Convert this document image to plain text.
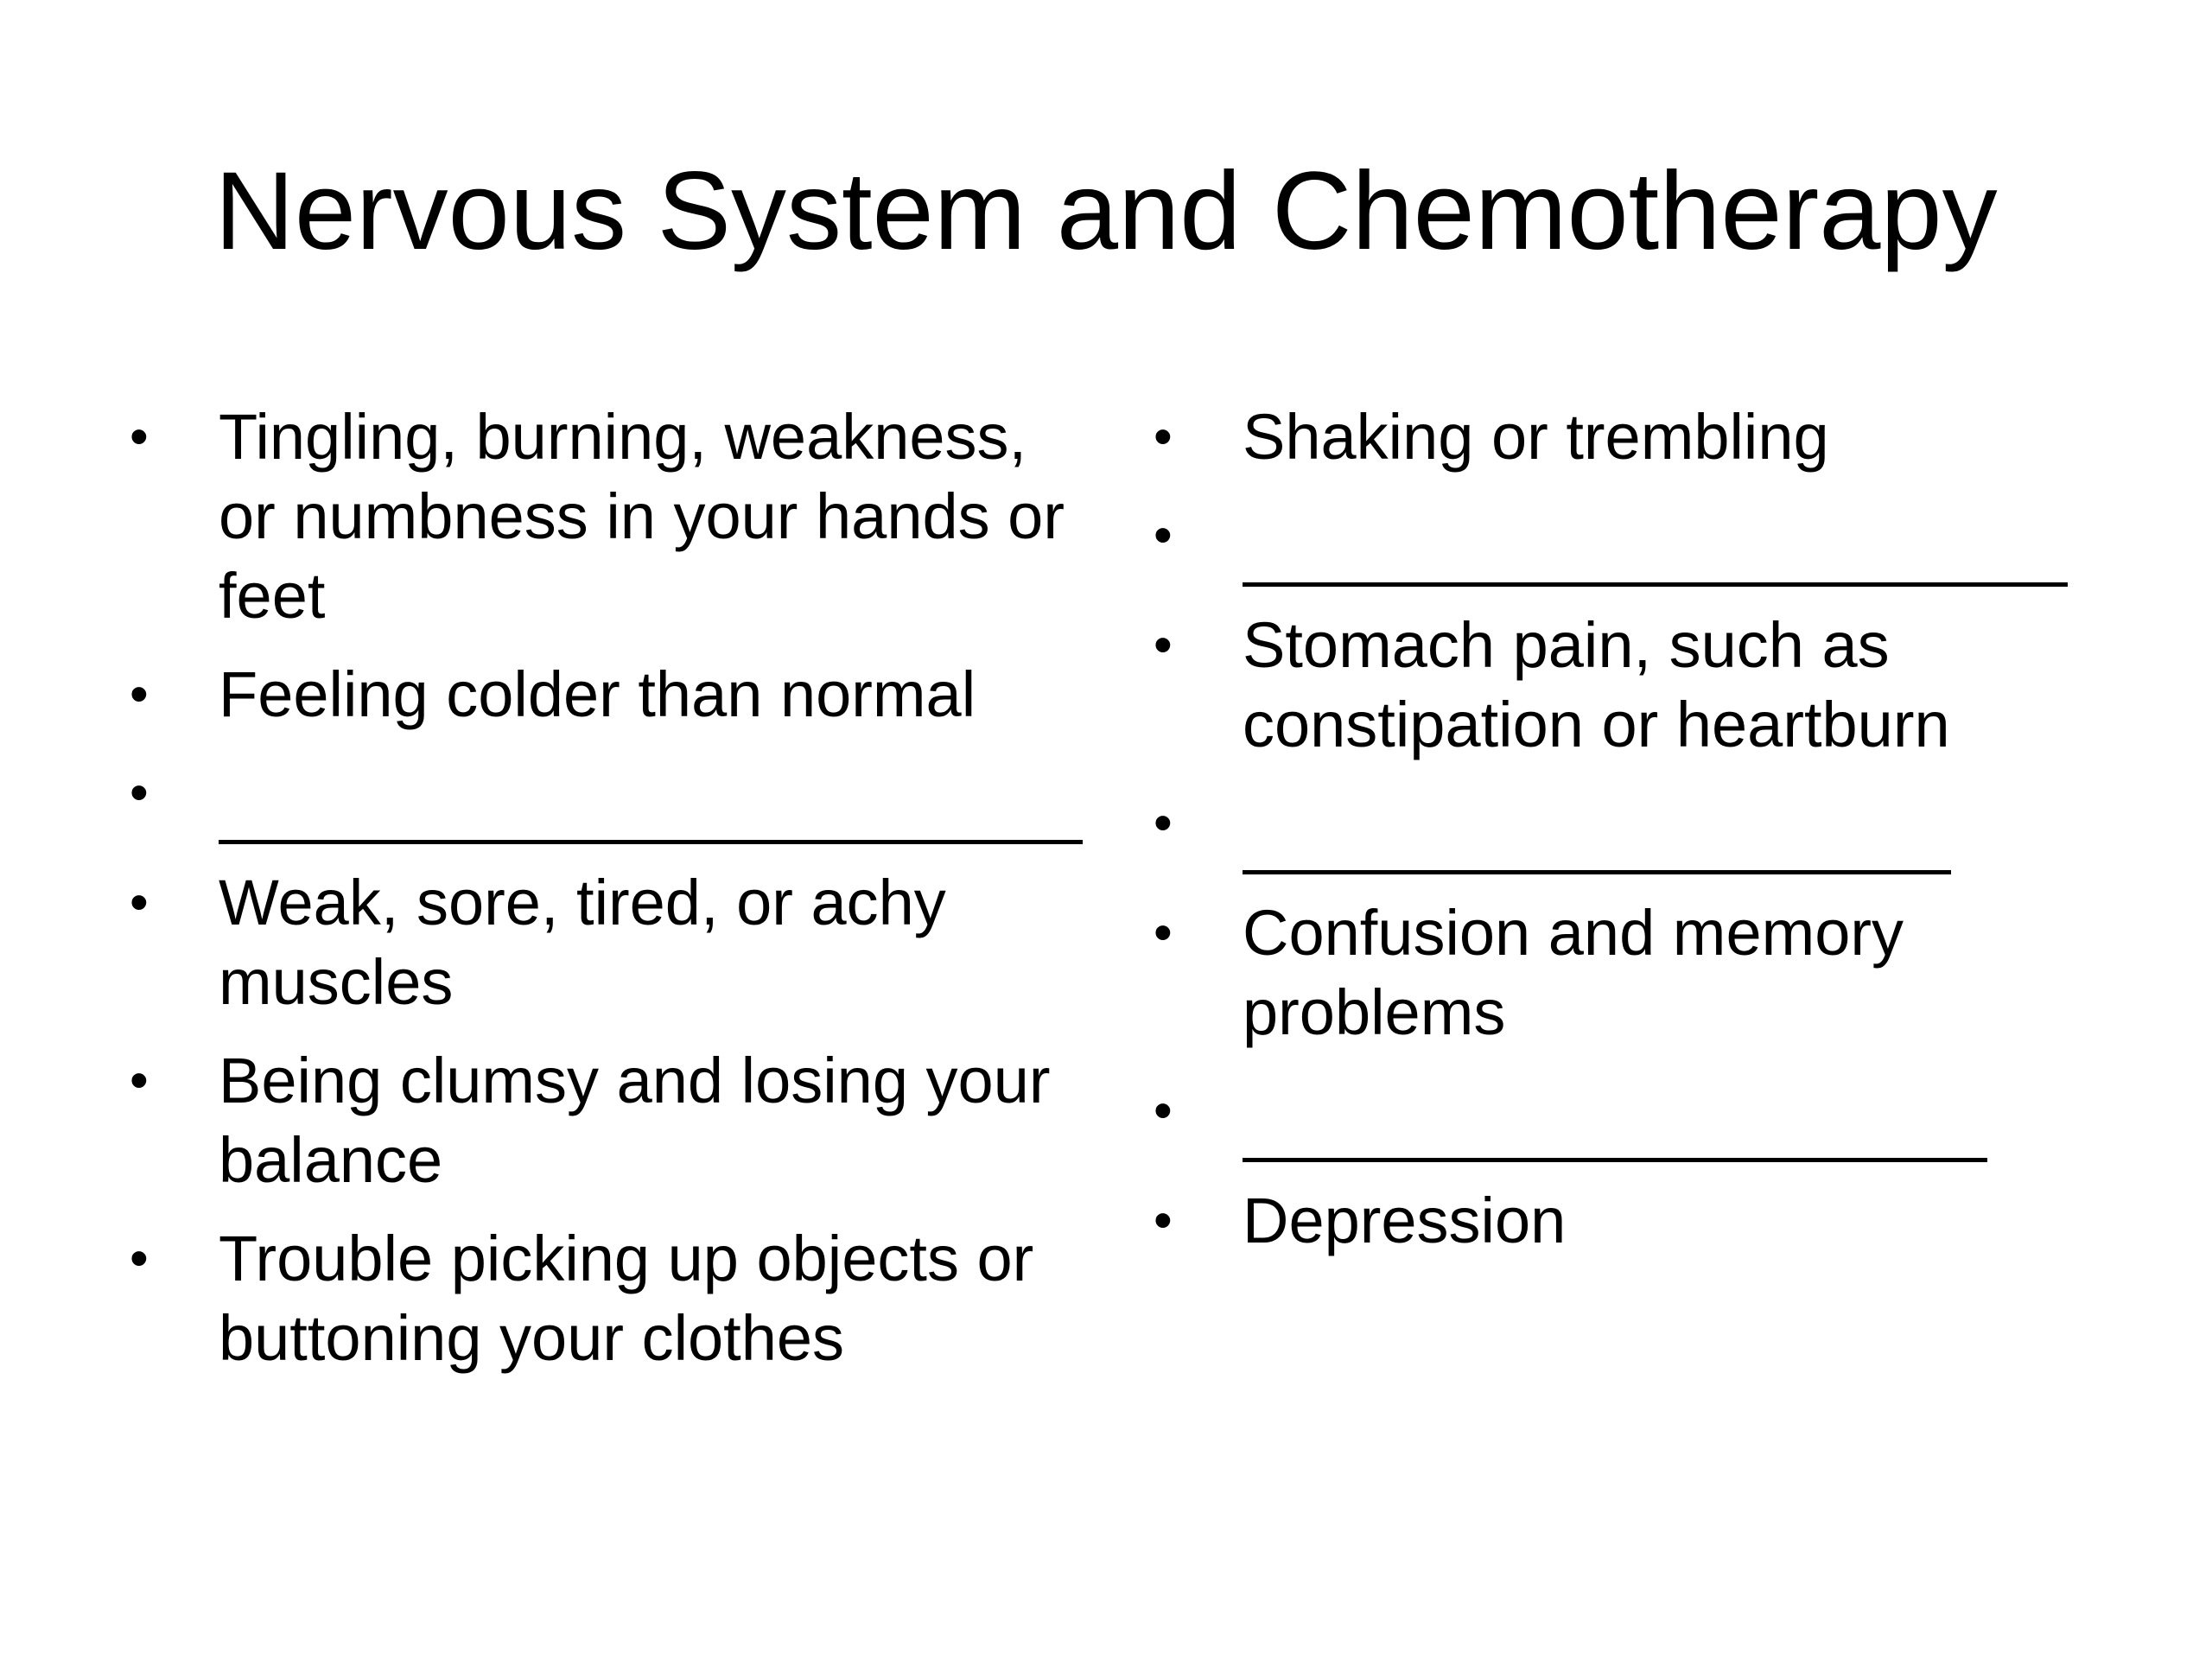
Nervous System and Chemotherapy
• Tingling, burning, weakness, or numbness in your hands or feet
• Feeling colder than normal
•
• Weak, sore, tired, or achy muscles
• Being clumsy and losing your balance
• Trouble picking up objects or buttoning your clothes
• Shaking or trembling
•
• Stomach pain, such as constipation or heartburn
•
• Confusion and memory problems
•
• Depression
